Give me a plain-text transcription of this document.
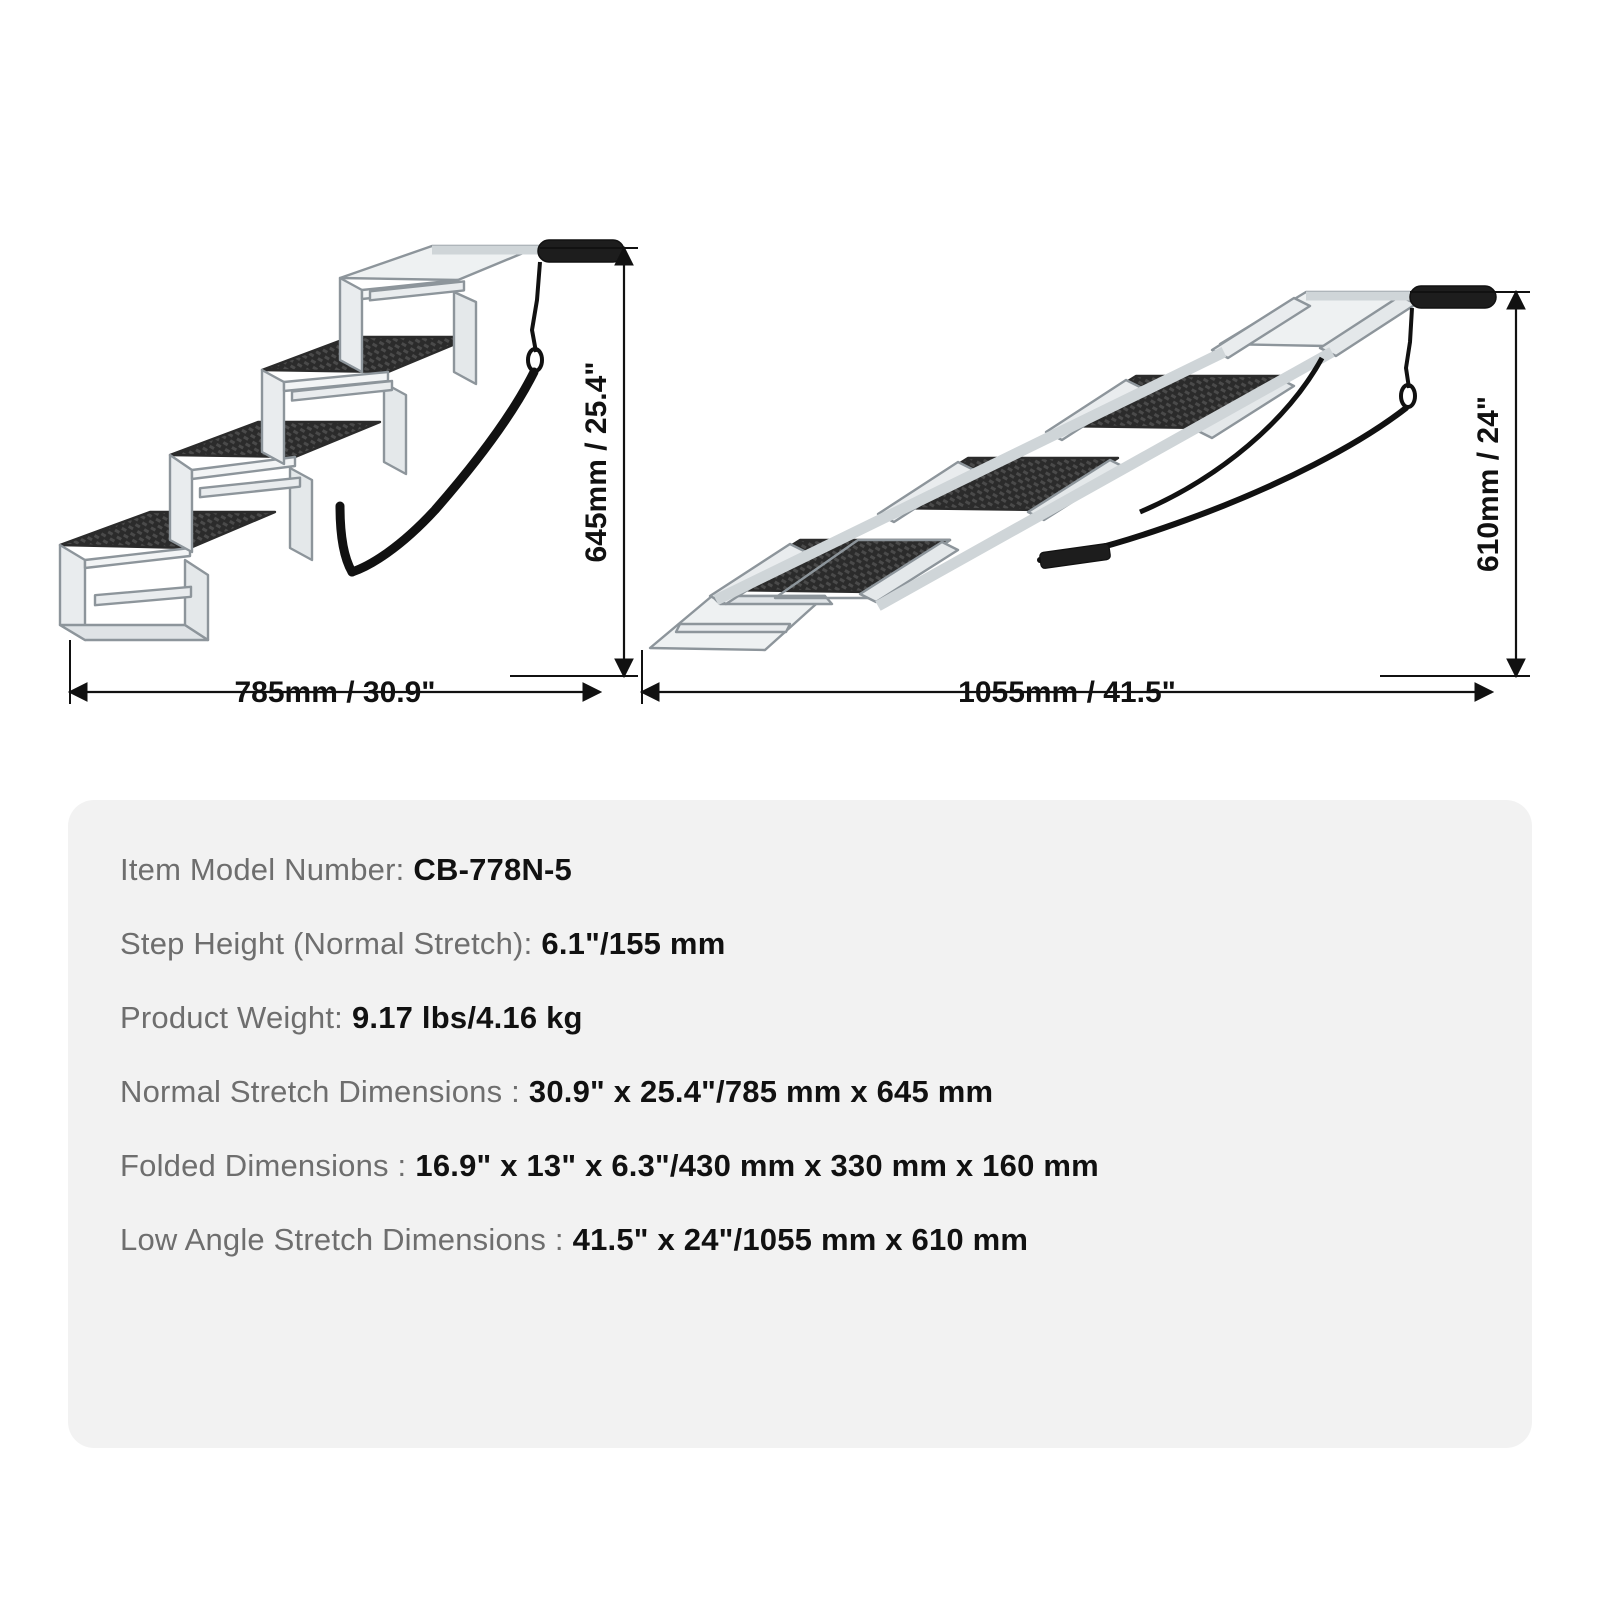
645mm / 25.4"
785mm / 30.9"
610mm / 24"
1055mm / 41.5"
Item Model Number: CB-778N-5
Step Height (Normal Stretch): 6.1"/155 mm
Product Weight: 9.17 lbs/4.16 kg
Normal Stretch Dimensions : 30.9" x 25.4"/785 mm x 645 mm
Folded Dimensions : 16.9" x 13" x 6.3"/430 mm x 330 mm x 160 mm
Low Angle Stretch Dimensions : 41.5" x 24"/1055 mm x 610 mm
